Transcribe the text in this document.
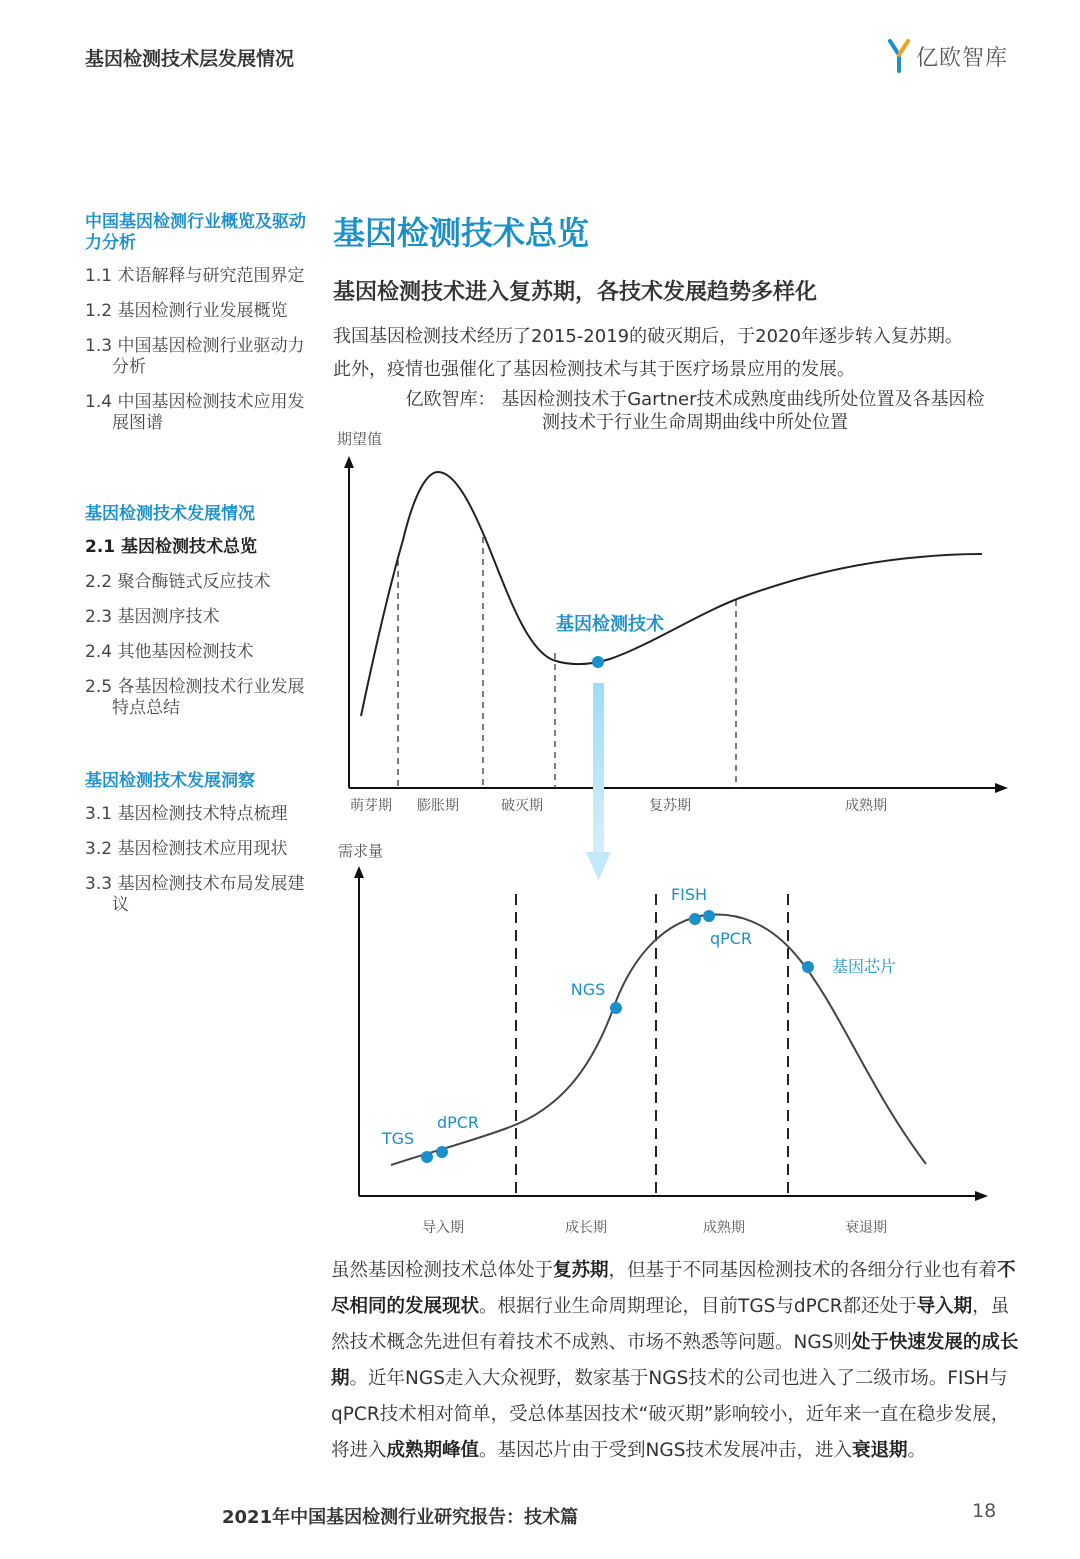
基因检测技术层发展情况	亿欧智库
中国基因检测行业概览及驱动力分析
1.1 术语解释与研究范围界定
1.2 基因检测行业发展概览
1.3 中国基因检测行业驱动力分析
1.4 中国基因检测技术应用发展图谱
基因检测技术发展情况
2.1 基因检测技术总览
2.2 聚合酶链式反应技术
2.3 基因测序技术
2.4 其他基因检测技术
2.5 各基因检测技术行业发展特点总结
基因检测技术发展洞察
3.1 基因检测技术特点梳理
3.2 基因检测技术应用现状
3.3 基因检测技术布局发展建议
基因检测技术总览
基因检测技术进入复苏期，各技术发展趋势多样化
我国基因检测技术经历了2015-2019的破灭期后，于2020年逐步转入复苏期。
此外，疫情也强催化了基因检测技术与其于医疗场景应用的发展。
亿欧智库： 基因检测技术于Gartner技术成熟度曲线所处位置及各基因检
测技术于行业生命周期曲线中所处位置
期望值
基因检测技术
萌芽期 膨胀期	破灭期	复苏期	成熟期
需求量
TGS
dPCR
NGS
FISH
qPCR
基因芯片
导入期	成长期	成熟期	衰退期
虽然基因检测技术总体处于复苏期，但基于不同基因检测技术的各细分行业也有着不尽相同的发展现状。根据行业生命周期理论，目前TGS与dPCR都还处于导入期，虽然技术概念先进但有着技术不成熟、市场不熟悉等问题。NGS则处于快速发展的成长期。近年NGS走入大众视野，数家基于NGS技术的公司也进入了二级市场。FISH与qPCR技术相对简单，受总体基因技术“破灭期”影响较小，近年来一直在稳步发展，将进入成熟期峰值。基因芯片由于受到NGS技术发展冲击，进入衰退期。
2021年中国基因检测行业研究报告：技术篇	18
